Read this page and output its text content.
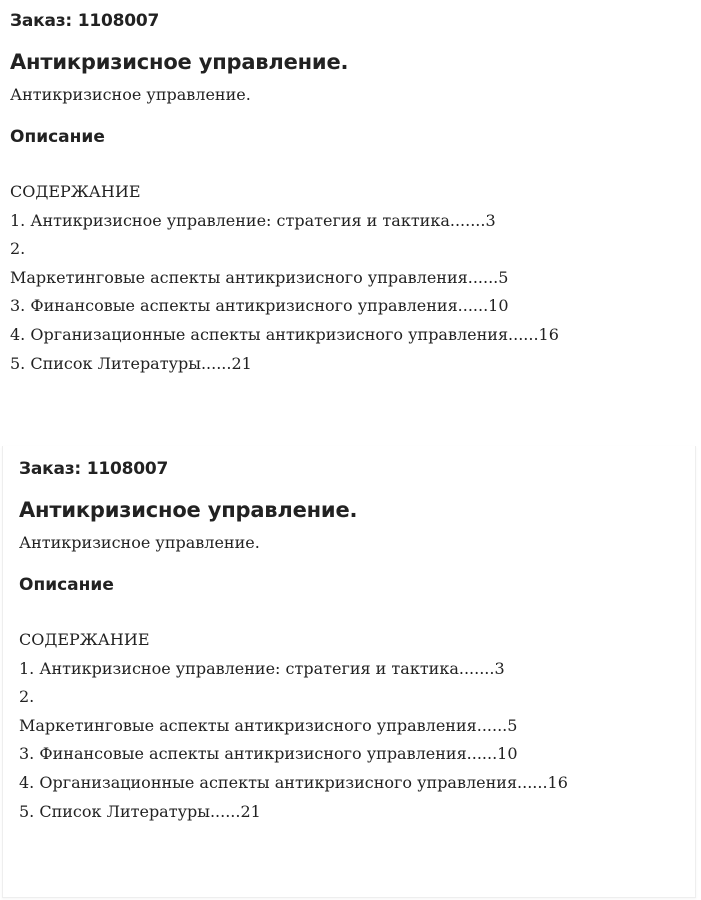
Заказ: 1108007

Антикризисное управление.

Антикризисное управление.

Описание
СОДЕРЖАНИЕ
1. Антикризисное управление: стратегия и тактика.......3
2.
Маркетинговые аспекты антикризисного управления......5
3. Финансовые аспекты антикризисного управления......10
4. Организационные аспекты антикризисного управления......16
5. Список Литературы......21

Заказ: 1108007

Антикризисное управление.

Антикризисное управление.

Описание
СОДЕРЖАНИЕ
1. Антикризисное управление: стратегия и тактика.......3
2.
Маркетинговые аспекты антикризисного управления......5
3. Финансовые аспекты антикризисного управления......10
4. Организационные аспекты антикризисного управления......16
5. Список Литературы......21
